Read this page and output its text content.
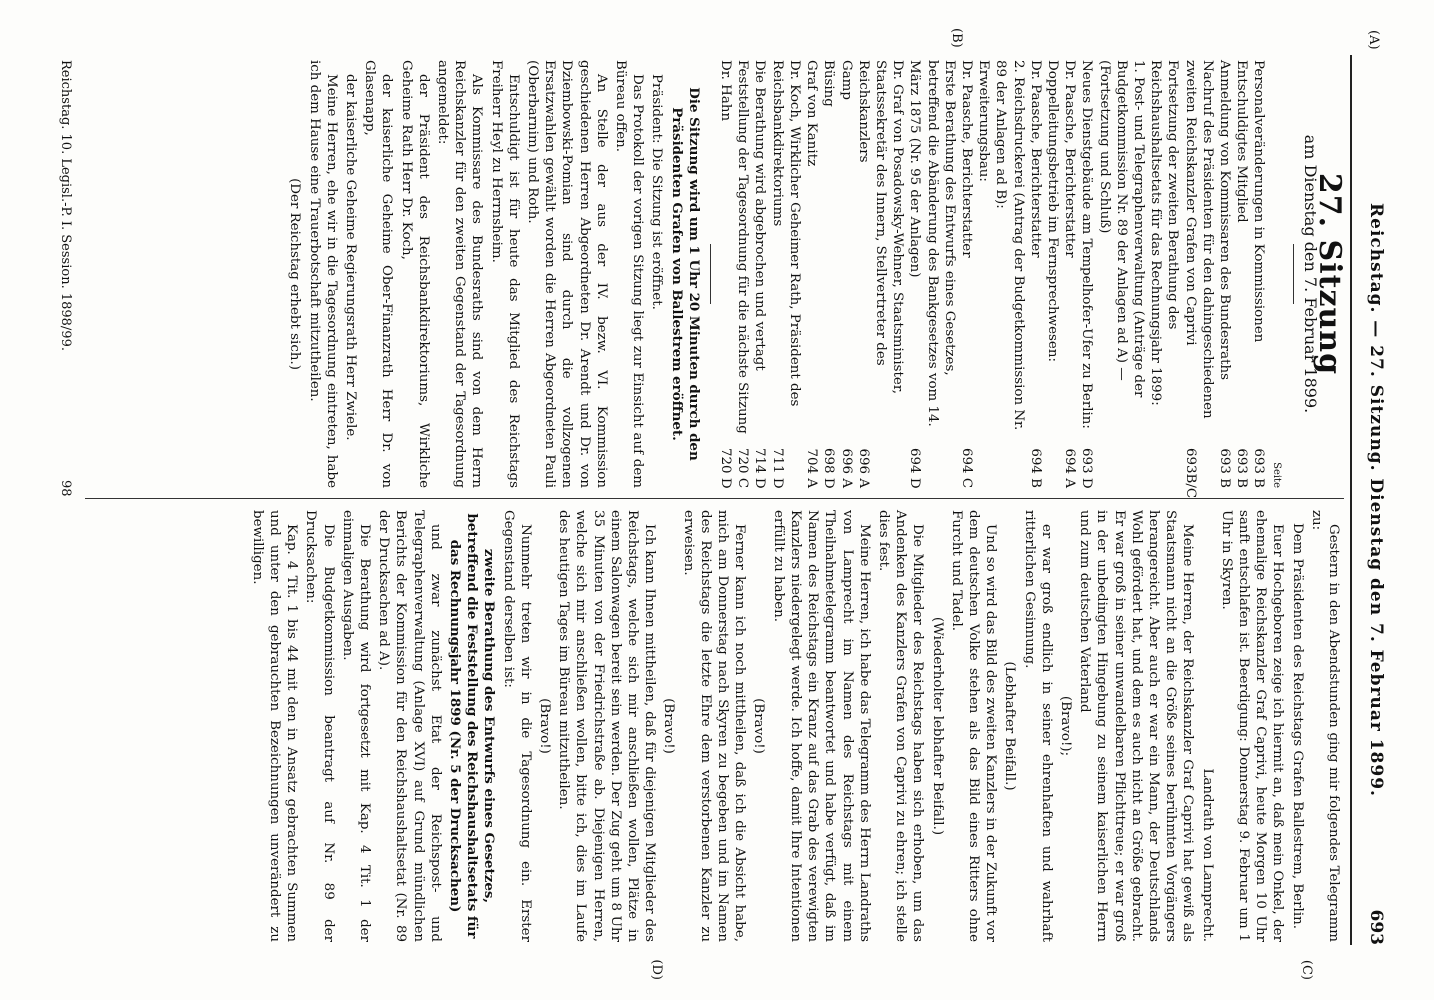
(A)
Reichstag. — 27. Sitzung. Dienstag den 7. Februar 1899.
693
27. Sitzung
am Dienstag den 7. Februar 1899.
Seite
Personalveränderungen in Kommissionen
693 B
Entschuldigtes Mitglied
693 B
Anmeldung von Kommissaren des Bundesraths
693 B
Nachruf des Präsidenten für den dahingeschiedenen zweiten Reichskanzler Grafen von Caprivi
693B/C
Fortsetzung der zweiten Berathung des Reichshaushaltsetats für das Rechnungsjahr 1899:
1. Post- und Telegraphenverwaltung (Anträge der Budgetkommission Nr. 89 der Anlagen ad A) — (Fortsetzung und Schluß)
Neues Dienstgebäude am Tempelhofer-Ufer zu Berlin:
693 D
Dr. Paasche, Berichterstatter
694 A
Doppelleitungsbetrieb im Fernsprechwesen:
Dr. Paasche, Berichterstatter
694 B
2. Reichsdruckerei (Antrag der Budgetkommission Nr. 89 der Anlagen ad B):
Erweiterungsbau:
Dr. Paasche, Berichterstatter
694 C
Erste Berathung des Entwurfs eines Gesetzes, betreffend die Abänderung des Bankgesetzes vom 14. März 1875 (Nr. 95 der Anlagen)
694 D
Dr. Graf von Posadowsky-Wehner, Staatsminister, Staatssekretär des Innern, Stellvertreter des Reichskanzlers
696 A
Gamp
696 A
Büsing
698 D
Graf von Kanitz
704 A
Dr. Koch, Wirklicher Geheimer Rath, Präsident des Reichsbankdirektoriums
711 D
Die Berathung wird abgebrochen und vertagt
714 D
Feststellung der Tagesordnung für die nächste Sitzung
720 C
Dr. Hahn
720 D

Die Sitzung wird um 1 Uhr 20 Minuten durch den Präsidenten Grafen von Ballestrem eröffnet.

Präsident: Die Sitzung ist eröffnet.

Das Protokoll der vorigen Sitzung liegt zur Einsicht auf dem Büreau offen.

An Stelle der aus der IV. bezw. VI. Kommission geschiedenen Herren Abgeordneten Dr. Arendt und Dr. von Dziembowski-Pomian sind durch die vollzogenen Ersatzwahlen gewählt worden die Herren Abgeordneten Pauli (Oberbarnim) und Roth.

Entschuldigt ist für heute das Mitglied des Reichstags Freiherr Heyl zu Herrnsheim.

Als Kommissare des Bundesraths sind von dem Herrn Reichskanzler für den zweiten Gegenstand der Tagesordnung angemeldet:

der Präsident des Reichsbankdirektoriums, Wirkliche Geheime Rath Herr Dr. Koch,

der kaiserliche Geheime Ober-Finanzrath Herr Dr. von Glasenapp,

der kaiserliche Geheime Regierungsrath Herr Zwiele.

Meine Herren, ehe wir in die Tagesordnung eintreten, habe ich dem Hause eine Trauerbotschaft mitzutheilen.

(Der Reichstag erhebt sich.)

Gestern in den Abendstunden ging mir folgendes Telegramm zu:

Dem Präsidenten des Reichstags Grafen Ballestrem, Berlin.

Euer Hochgeboren zeige ich hiermit an, daß mein Onkel, der ehemalige Reichskanzler Graf Caprivi, heute Morgen 10 Uhr sanft entschlafen ist. Beerdigung: Donnerstag 9. Februar um 1 Uhr in Skyren.

Landrath von Lamprecht.

Meine Herren, der Reichskanzler Graf Caprivi hat gewiß als Staatsmann nicht an die Größe seines berühmten Vorgängers herangereicht. Aber auch er war ein Mann, der Deutschlands Wohl gefördert hat, und dem es auch nicht an Größe gebracht. Er war groß in seiner unwandelbaren Pflichttreue; er war groß in der unbedingten Hingebung zu seinem kaiserlichen Herrn und zum deutschen Vaterland

(Bravo!);

er war groß endlich in seiner ehrenhaften und wahrhaft ritterlichen Gesinnung.

(Lebhafter Beifall.)

Und so wird das Bild des zweiten Kanzlers in der Zukunft vor dem deutschen Volke stehen als das Bild eines Ritters ohne Furcht und Tadel.

(Wiederholter lebhafter Beifall.)

Die Mitglieder des Reichstags haben sich erhoben, um das Andenken des Kanzlers Grafen von Caprivi zu ehren; ich stelle dies fest.

Meine Herren, ich habe das Telegramm des Herrn Landraths von Lamprecht im Namen des Reichstags mit einem Theilnahmetelegramm beantwortet und habe verfügt, daß im Namen des Reichstags ein Kranz auf das Grab des verewigten Kanzlers niedergelegt werde. Ich hoffe, damit Ihre Intentionen erfüllt zu haben.

(Bravo!)

Ferner kann ich noch mittheilen, daß ich die Absicht habe, mich am Donnerstag nach Skyren zu begeben und im Namen des Reichstags die letzte Ehre dem verstorbenen Kanzler zu erweisen.

(Bravo!)

Ich kann Ihnen mittheilen, daß für diejenigen Mitglieder des Reichstags, welche sich mir anschließen wollen, Plätze in einem Salonwagen bereit sein werden. Der Zug geht um 8 Uhr 35 Minuten von der Friedrichstraße ab. Diejenigen Herren, welche sich mir anschließen wollen, bitte ich, dies im Laufe des heutigen Tages im Büreau mitzutheilen.

(Bravo!)

Nunmehr treten wir in die Tagesordnung ein. Erster Gegenstand derselben ist:

zweite Berathung des Entwurfs eines Gesetzes, betreffend die Feststellung des Reichshaushaltsetats für das Rechnungsjahr 1899 (Nr. 5 der Drucksachen)

und zwar zunächst Etat der Reichspost- und Telegraphenverwaltung (Anlage XVI) auf Grund mündlichen Berichts der Kommission für den Reichshaushaltsetat (Nr. 89 der Drucksachen ad A).

Die Berathung wird fortgesetzt mit Kap. 4 Tit. 1 der einmaligen Ausgaben.

Die Budgetkommission beantragt auf Nr. 89 der Drucksachen:

Kap. 4 Tit. 1 bis 44 mit den in Ansatz gebrachten Summen und unter den gebrauchten Bezeichnungen unverändert zu bewilligen.

(B)
(C)
(D)
Reichstag. 10. Legisl.-P. I. Session. 1898/99.
98
